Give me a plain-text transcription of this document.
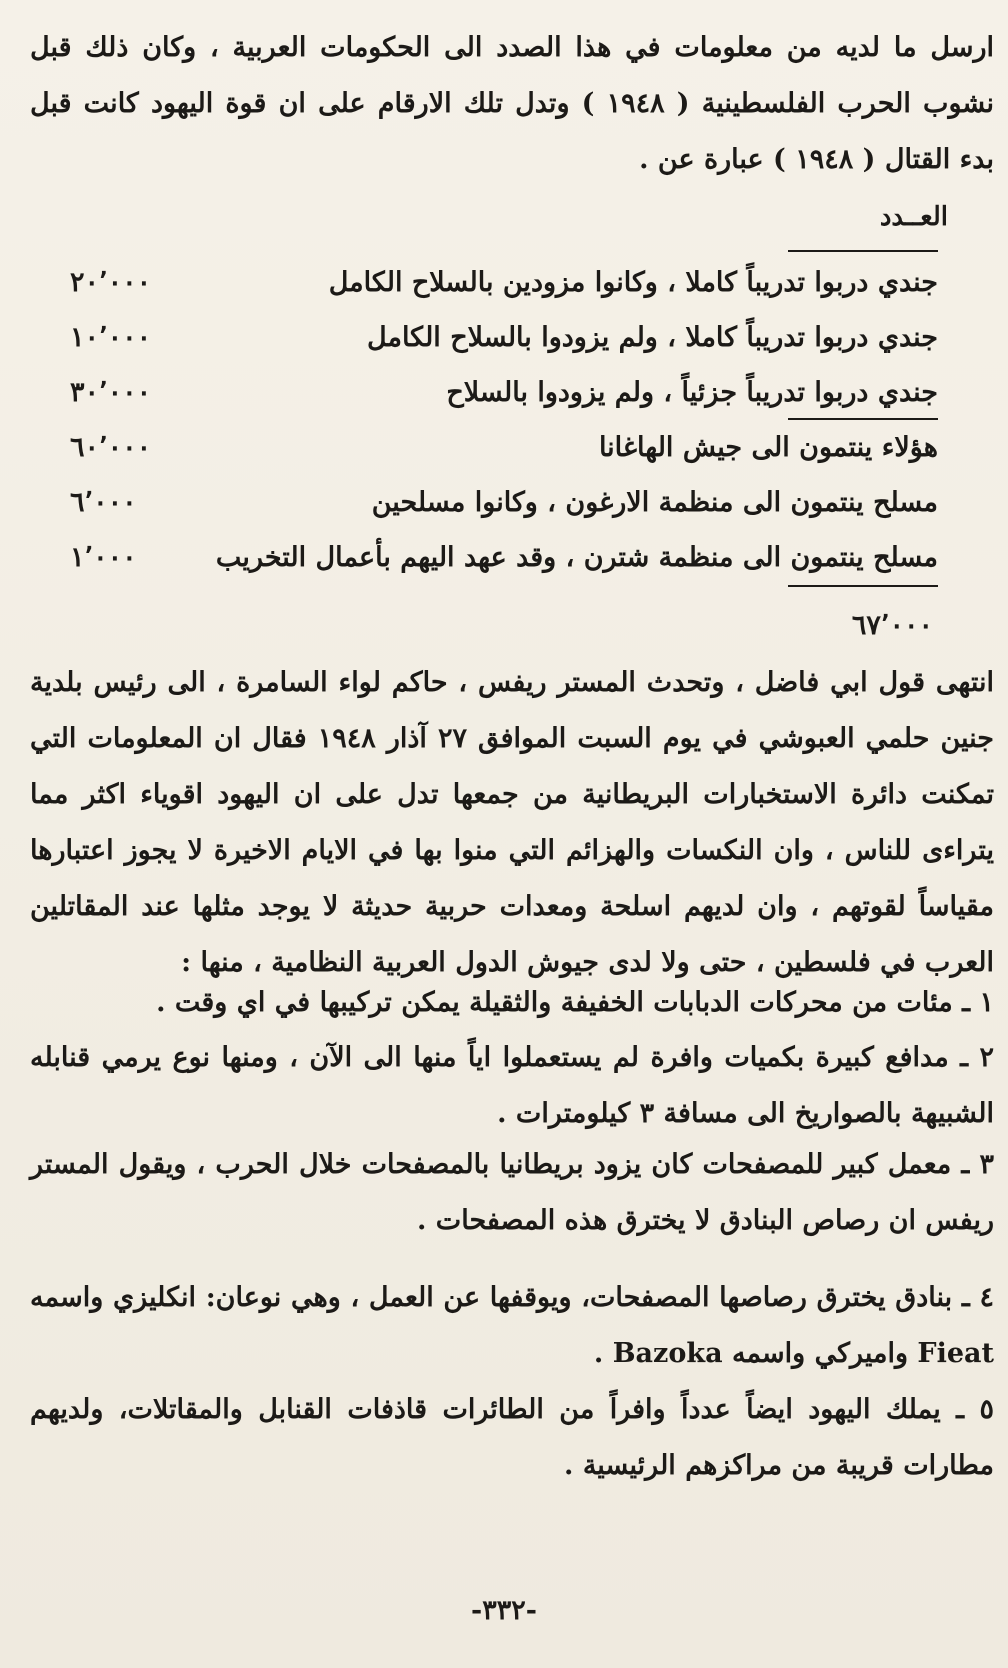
ارسل ما لديه من معلومات في هذا الصدد الى الحكومات العربية ، وكان ذلك قبل نشوب الحرب الفلسطينية ( ١٩٤٨ ) وتدل تلك الارقام على ان قوة اليهود كانت قبل بدء القتال ( ١٩٤٨ ) عبارة عن .

العــدد
جندي دربوا تدريباً كاملا ، وكانوا مزودين بالسلاح الكامل
٢٠٬٠٠٠
جندي دربوا تدريباً كاملا ، ولم يزودوا بالسلاح الكامل
١٠٬٠٠٠
جندي دربوا تدريباً جزئياً ، ولم يزودوا بالسلاح
٣٠٬٠٠٠
هؤلاء ينتمون الى جيش الهاغانا
٦٠٬٠٠٠
مسلح ينتمون الى منظمة الارغون ، وكانوا مسلحين
٦٬٠٠٠
مسلح ينتمون الى منظمة شترن ، وقد عهد اليهم بأعمال التخريب
١٬٠٠٠
٦٧٬٠٠٠

انتهى قول ابي فاضل ، وتحدث المستر ريفس ، حاكم لواء السامرة ، الى رئيس بلدية جنين حلمي العبوشي في يوم السبت الموافق ٢٧ آذار ١٩٤٨ فقال ان المعلومات التي تمكنت دائرة الاستخبارات البريطانية من جمعها تدل على ان اليهود اقوياء اكثر مما يتراءى للناس ، وان النكسات والهزائم التي منوا بها في الايام الاخيرة لا يجوز اعتبارها مقياساً لقوتهم ، وان لديهم اسلحة ومعدات حربية حديثة لا يوجد مثلها عند المقاتلين العرب في فلسطين ، حتى ولا لدى جيوش الدول العربية النظامية ، منها :

١ ـ مئات من محركات الدبابات الخفيفة والثقيلة يمكن تركيبها في اي وقت .
٢ ـ مدافع كبيرة بكميات وافرة لم يستعملوا اياً منها الى الآن ، ومنها نوع يرمي قنابله الشبيهة بالصواريخ الى مسافة ٣ كيلومترات .
٣ ـ معمل كبير للمصفحات كان يزود بريطانيا بالمصفحات خلال الحرب ، ويقول المستر ريفس ان رصاص البنادق لا يخترق هذه المصفحات .
٤ ـ بنادق يخترق رصاصها المصفحات، ويوقفها عن العمل ، وهي نوعان: انكليزي واسمه Fieat واميركي واسمه Bazoka .
٥ ـ يملك اليهود ايضاً عدداً وافراً من الطائرات قاذفات القنابل والمقاتلات، ولديهم مطارات قريبة من مراكزهم الرئيسية .
-٣٣٢-
